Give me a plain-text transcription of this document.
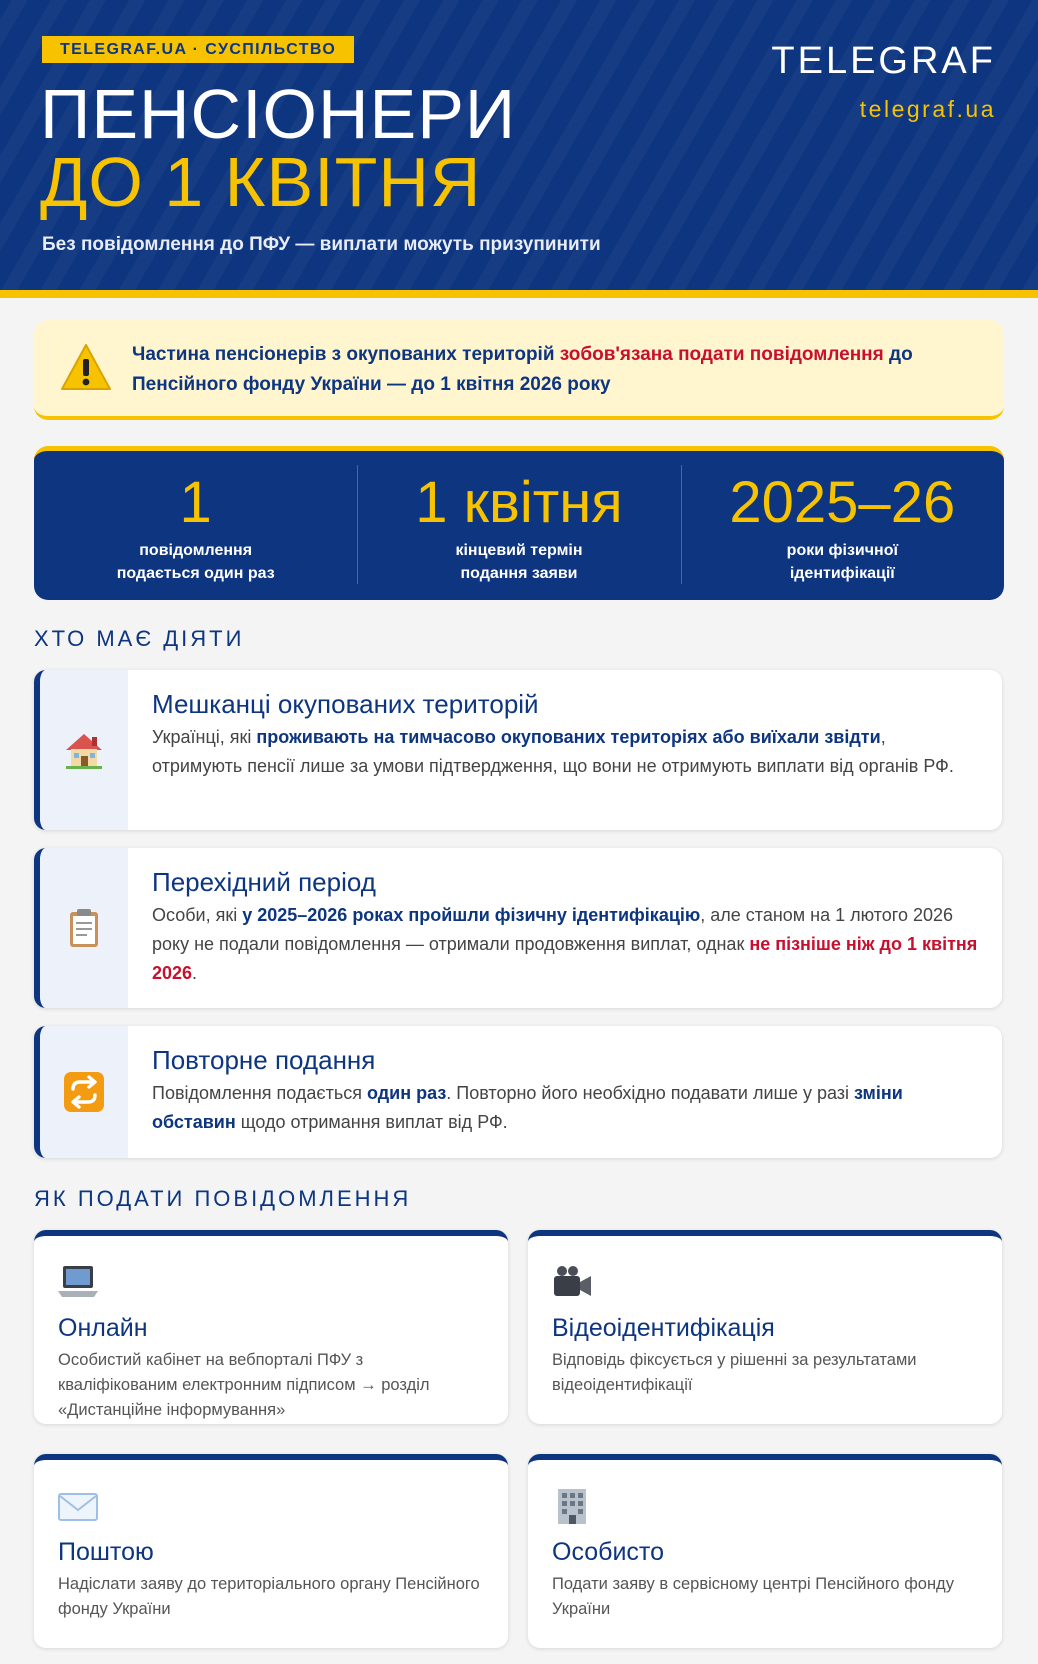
TELEGRAF.UA · СУСПІЛЬСТВО
ПЕНСІОНЕРИ
ДО 1 КВІТНЯ
Без повідомлення до ПФУ — виплати можуть призупинити
TELEGRAF
telegraf.ua
Частина пенсіонерів з окупованих територій зобов'язана подати повідомлення до Пенсійного фонду України — до 1 квітня 2026 року
1
повідомлення
подається один раз
1 квітня
кінцевий термін
подання заяви
2025–26
роки фізичної
ідентифікації
ХТО МАЄ ДІЯТИ
Мешканці окупованих територій
Українці, які проживають на тимчасово окупованих територіях або виїхали звідти, отримують пенсії лише за умови підтвердження, що вони не отримують виплати від органів РФ.
Перехідний період
Особи, які у 2025–2026 роках пройшли фізичну ідентифікацію, але станом на 1 лютого 2026 року не подали повідомлення — отримали продовження виплат, однак не пізніше ніж до 1 квітня 2026.
Повторне подання
Повідомлення подається один раз. Повторно його необхідно подавати лише у разі зміни обставин щодо отримання виплат від РФ.
ЯК ПОДАТИ ПОВІДОМЛЕННЯ
Онлайн
Особистий кабінет на вебпорталі ПФУ з кваліфікованим електронним підписом → розділ «Дистанційне інформування»
Відеоідентифікація
Відповідь фіксується у рішенні за результатами відеоідентифікації
Поштою
Надіслати заяву до територіального органу Пенсійного фонду України
Особисто
Подати заяву в сервісному центрі Пенсійного фонду України
